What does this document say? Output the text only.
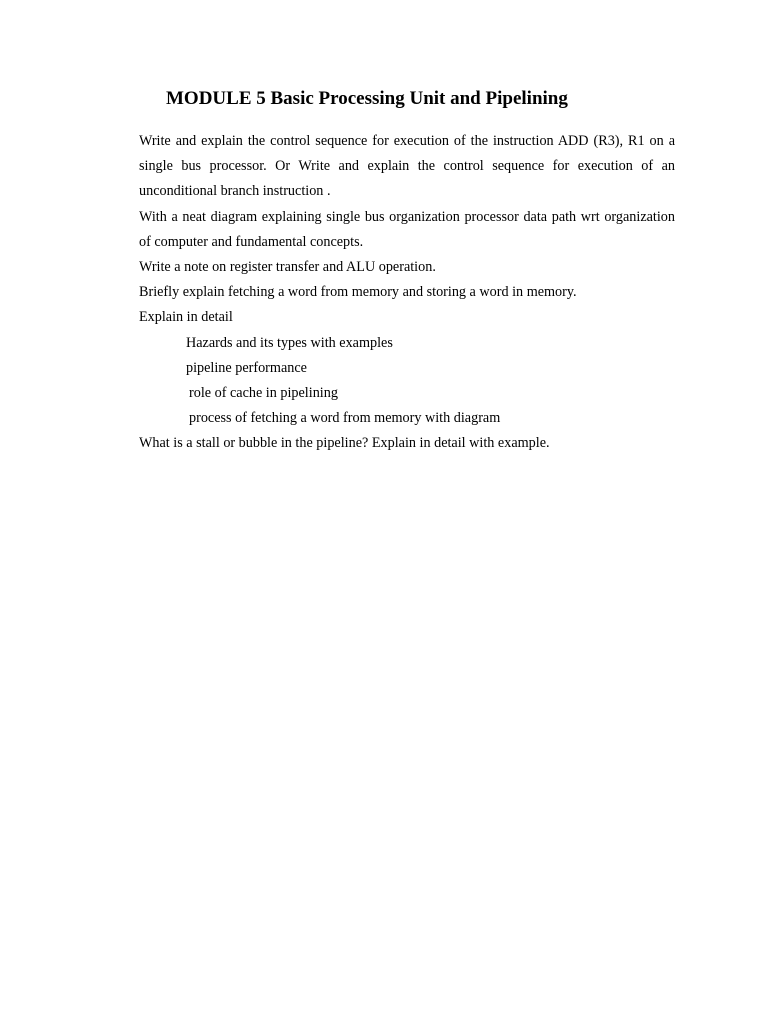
MODULE 5 Basic Processing Unit and Pipelining

Write and explain the control sequence for execution of the instruction ADD (R3), R1 on a single bus processor. Or Write and explain the control sequence for execution of an unconditional branch instruction .

With a neat diagram explaining single bus organization processor data path wrt organization of computer and fundamental concepts.

Write a note on register transfer and ALU operation.

Briefly explain fetching a word from memory and storing a word in memory.

Explain in detail

Hazards and its types with examples

pipeline performance

role of cache in pipelining

process of fetching a word from memory with diagram

What is a stall or bubble in the pipeline? Explain in detail with example.
